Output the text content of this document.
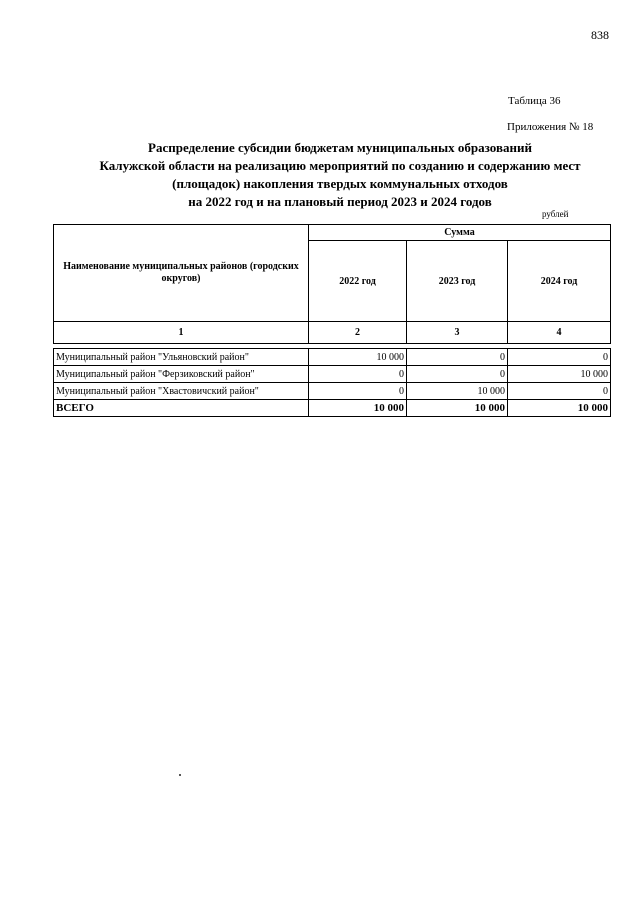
838
Таблица 36
Приложения № 18
Распределение субсидии бюджетам муниципальных образований
Калужской области на реализацию мероприятий по созданию и содержанию мест
(площадок) накопления твердых коммунальных отходов
на 2022 год и на плановый период 2023 и 2024 годов
рублей
Наименование муниципальных районов (городских округов)	Сумма		
	2022 год	2023 год	2024 год
1	2	3	4

Муниципальный район "Ульяновский район"	10 000	0	0
Муниципальный район "Ферзиковский район"	0	0	10 000
Муниципальный район "Хвастовичский район"	0	10 000	0
ВСЕГО	10 000	10 000	10 000
